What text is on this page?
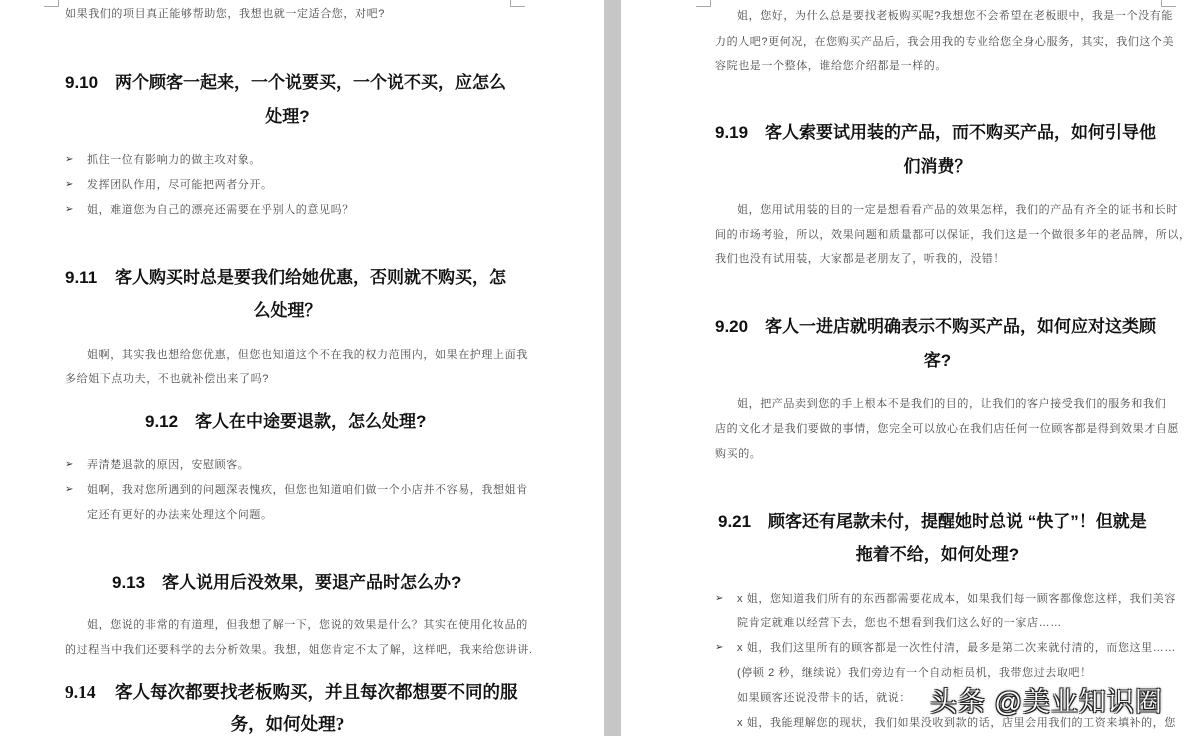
如果我们的项目真正能够帮助您，我想也就一定适合您，对吧?
9.10 两个顾客一起来，一个说要买，一个说不买，应怎么
处理?
➢ 抓住一位有影响力的做主攻对象。
➢ 发挥团队作用，尽可能把两者分开。
➢ 姐，难道您为自己的漂亮还需要在乎别人的意见吗？
9.11 客人购买时总是要我们给她优惠，否则就不购买，怎
么处理？
姐啊，其实我也想给您优惠，但您也知道这个不在我的权力范围内，如果在护理上面我
多给姐下点功夫，不也就补偿出来了吗?
9.12 客人在中途要退款，怎么处理?
➢ 弄清楚退款的原因，安慰顾客。
➢ 姐啊，我对您所遇到的问题深表愧疚，但您也知道咱们做一个小店并不容易，我想姐肯
定还有更好的办法来处理这个问题。
9.13 客人说用后没效果，要退产品时怎么办?
姐，您说的非常的有道理，但我想了解一下，您说的效果是什么？其实在使用化妆品的
的过程当中我们还要科学的去分析效果。我想，姐您肯定不太了解，这样吧，我来给您讲讲.
9.14 客人每次都要找老板购买，并且每次都想要不同的服
务，如何处理?
姐，您好，为什么总是要找老板购买呢?我想您不会希望在老板眼中，我是一个没有能
力的人吧?更何况，在您购买产品后，我会用我的专业给您全身心服务，其实，我们这个美
容院也是一个整体，谁给您介绍都是一样的。
9.19 客人索要试用装的产品，而不购买产品，如何引导他
们消费？
姐，您用试用装的目的一定是想看看产品的效果怎样，我们的产品有齐全的证书和长时
间的市场考验，所以，效果问题和质量都可以保证，我们这是一个做很多年的老品牌，所以，
我们也没有试用装，大家都是老朋友了，听我的，没错！
9.20 客人一进店就明确表示不购买产品，如何应对这类顾
客?
姐，把产品卖到您的手上根本不是我们的目的，让我们的客户接受我们的服务和我们
店的文化才是我们要做的事情，您完全可以放心在我们店任何一位顾客都是得到效果才自愿
购买的。
9.21 顾客还有尾款未付，提醒她时总说 “快了”！但就是
拖着不给，如何处理?
➢ x 姐，您知道我们所有的东西都需要花成本，如果我们每一顾客都像您这样，我们美容
院肯定就难以经营下去，您也不想看到我们这么好的一家店……
➢ x 姐，我们这里所有的顾客都是一次性付清，最多是第二次来就付清的，而您这里……
(停顿 2 秒，继续说）我们旁边有一个自动柜员机，我带您过去取吧！
如果顾客还说没带卡的话，就说：
x 姐，我能理解您的现状，我们如果没收到款的话，店里会用我们的工资来填补的，您
头条 @美业知识圈
